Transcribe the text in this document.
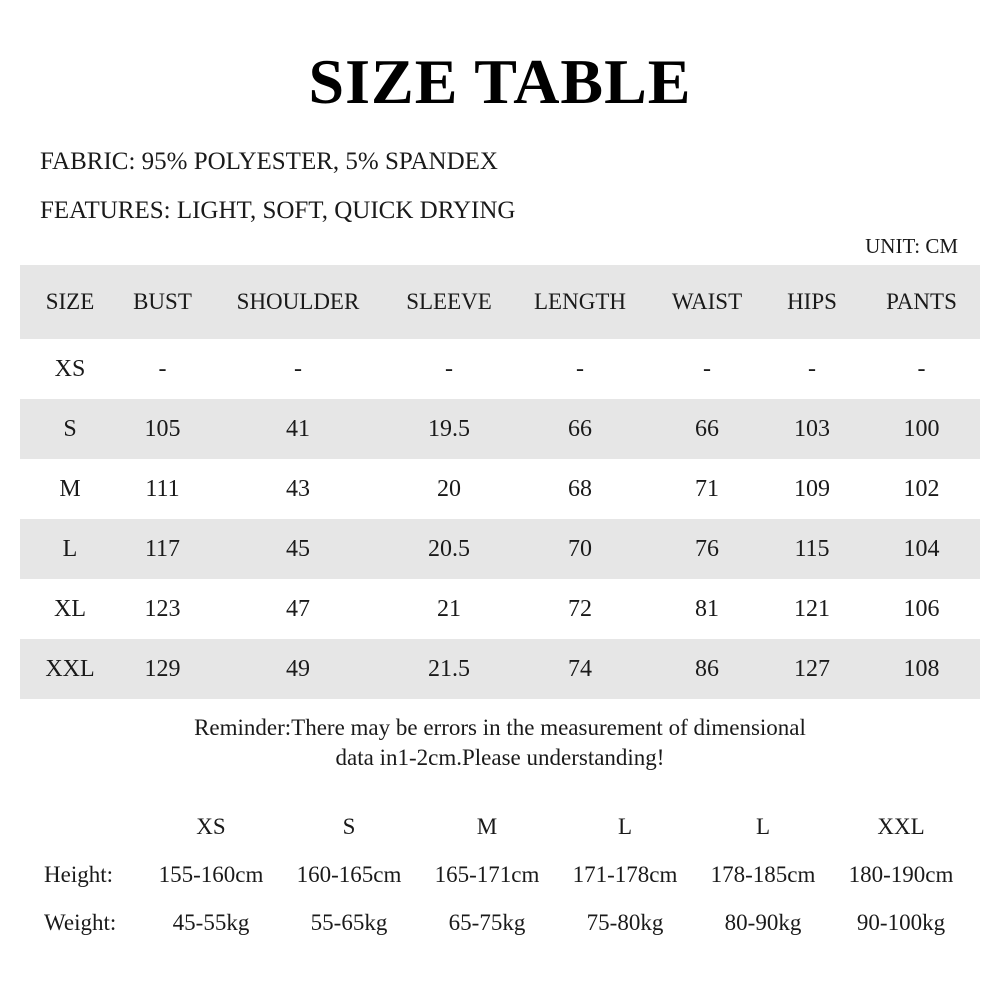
SIZE TABLE
FABRIC: 95% POLYESTER, 5% SPANDEX
FEATURES: LIGHT, SOFT, QUICK DRYING
UNIT: CM
SIZE	BUST	SHOULDER	SLEEVE	LENGTH	WAIST	HIPS	PANTS
XS	-	-	-	-	-	-	-
S	105	41	19.5	66	66	103	100
M	111	43	20	68	71	109	102
L	117	45	20.5	70	76	115	104
XL	123	47	21	72	81	121	106
XXL	129	49	21.5	74	86	127	108
Reminder:There may be errors in the measurement of dimensional
data in1-2cm.Please understanding!
	XS	S	M	L	L	XXL
Height:	155-160cm	160-165cm	165-171cm	171-178cm	178-185cm	180-190cm
Weight:	45-55kg	55-65kg	65-75kg	75-80kg	80-90kg	90-100kg
